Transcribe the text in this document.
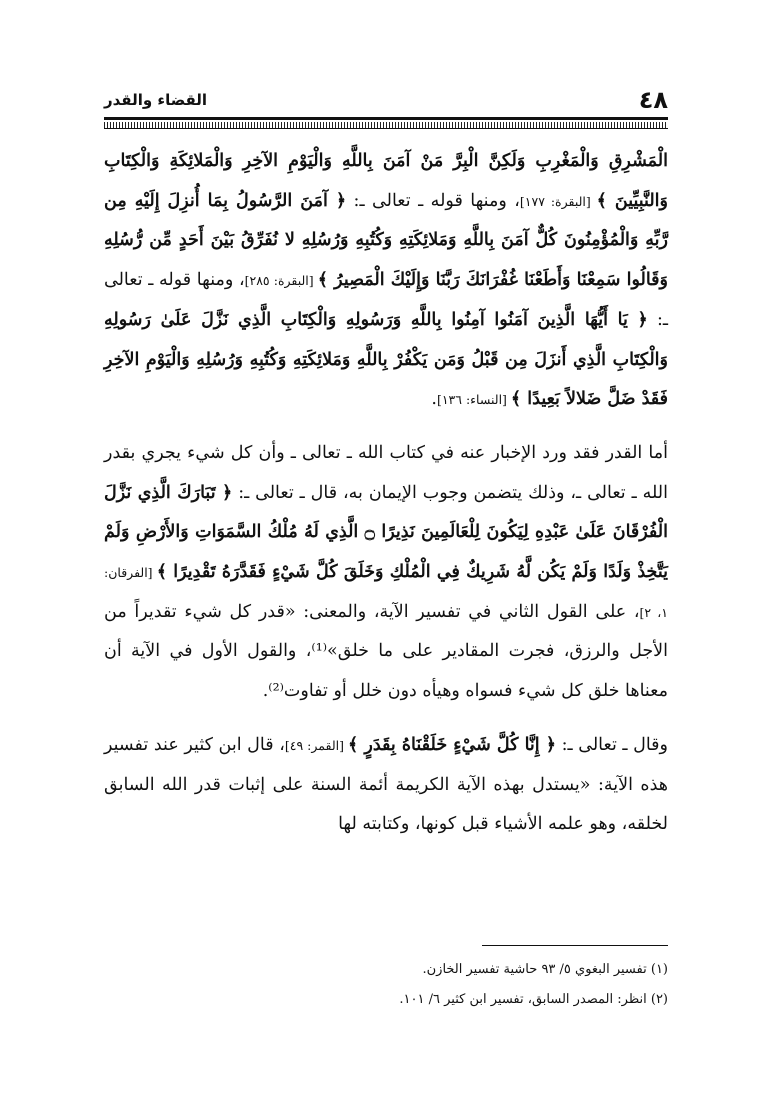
٤٨
القضاء والقدر

الْمَشْرِقِ وَالْمَغْرِبِ وَلَكِنَّ الْبِرَّ مَنْ آمَنَ بِاللَّهِ وَالْيَوْمِ الآخِرِ وَالْمَلائِكَةِ وَالْكِتَابِ وَالنَّبِيِّينَ ﴾ [البقرة: ١٧٧]، ومنها قوله ـ تعالى ـ: ﴿ آمَنَ الرَّسُولُ بِمَا أُنزِلَ إِلَيْهِ مِن رَّبِّهِ وَالْمُؤْمِنُونَ كُلٌّ آمَنَ بِاللَّهِ وَمَلائِكَتِهِ وَكُتُبِهِ وَرُسُلِهِ لا نُفَرِّقُ بَيْنَ أَحَدٍ مِّن رُّسُلِهِ وَقَالُوا سَمِعْنَا وَأَطَعْنَا غُفْرَانَكَ رَبَّنَا وَإِلَيْكَ الْمَصِيرُ ﴾ [البقرة: ٢٨٥]، ومنها قوله ـ تعالى ـ: ﴿ يَا أَيُّهَا الَّذِينَ آمَنُوا آمِنُوا بِاللَّهِ وَرَسُولِهِ وَالْكِتَابِ الَّذِي نَزَّلَ عَلَىٰ رَسُولِهِ وَالْكِتَابِ الَّذِي أَنزَلَ مِن قَبْلُ وَمَن يَكْفُرْ بِاللَّهِ وَمَلائِكَتِهِ وَكُتُبِهِ وَرُسُلِهِ وَالْيَوْمِ الآخِرِ فَقَدْ ضَلَّ ضَلالاً بَعِيدًا ﴾ [النساء: ١٣٦].

أما القدر فقد ورد الإخبار عنه في كتاب الله ـ تعالى ـ وأن كل شيء يجري بقدر الله ـ تعالى ـ، وذلك يتضمن وجوب الإيمان به، قال ـ تعالى ـ: ﴿ تَبَارَكَ الَّذِي نَزَّلَ الْفُرْقَانَ عَلَىٰ عَبْدِهِ لِيَكُونَ لِلْعَالَمِينَ نَذِيرًا ۝ الَّذِي لَهُ مُلْكُ السَّمَوَاتِ وَالأَرْضِ وَلَمْ يَتَّخِذْ وَلَدًا وَلَمْ يَكُن لَّهُ شَرِيكٌ فِي الْمُلْكِ وَخَلَقَ كُلَّ شَيْءٍ فَقَدَّرَهُ تَقْدِيرًا ﴾ [الفرقان: ١، ٢]، على القول الثاني في تفسير الآية، والمعنى: «قدر كل شيء تقديراً من الأجل والرزق، فجرت المقادير على ما خلق»⁽¹⁾، والقول الأول في الآية أن معناها خلق كل شيء فسواه وهيأه دون خلل أو تفاوت⁽²⁾.

وقال ـ تعالى ـ: ﴿ إِنَّا كُلَّ شَيْءٍ خَلَقْنَاهُ بِقَدَرٍ ﴾ [القمر: ٤٩]، قال ابن كثير عند تفسير هذه الآية: «يستدل بهذه الآية الكريمة أئمة السنة على إثبات قدر الله السابق لخلقه، وهو علمه الأشياء قبل كونها، وكتابته لها

(١) تفسير البغوي ٥/ ٩٣ حاشية تفسير الخازن.

(٢) انظر: المصدر السابق، تفسير ابن كثير ٦/ ١٠١.
